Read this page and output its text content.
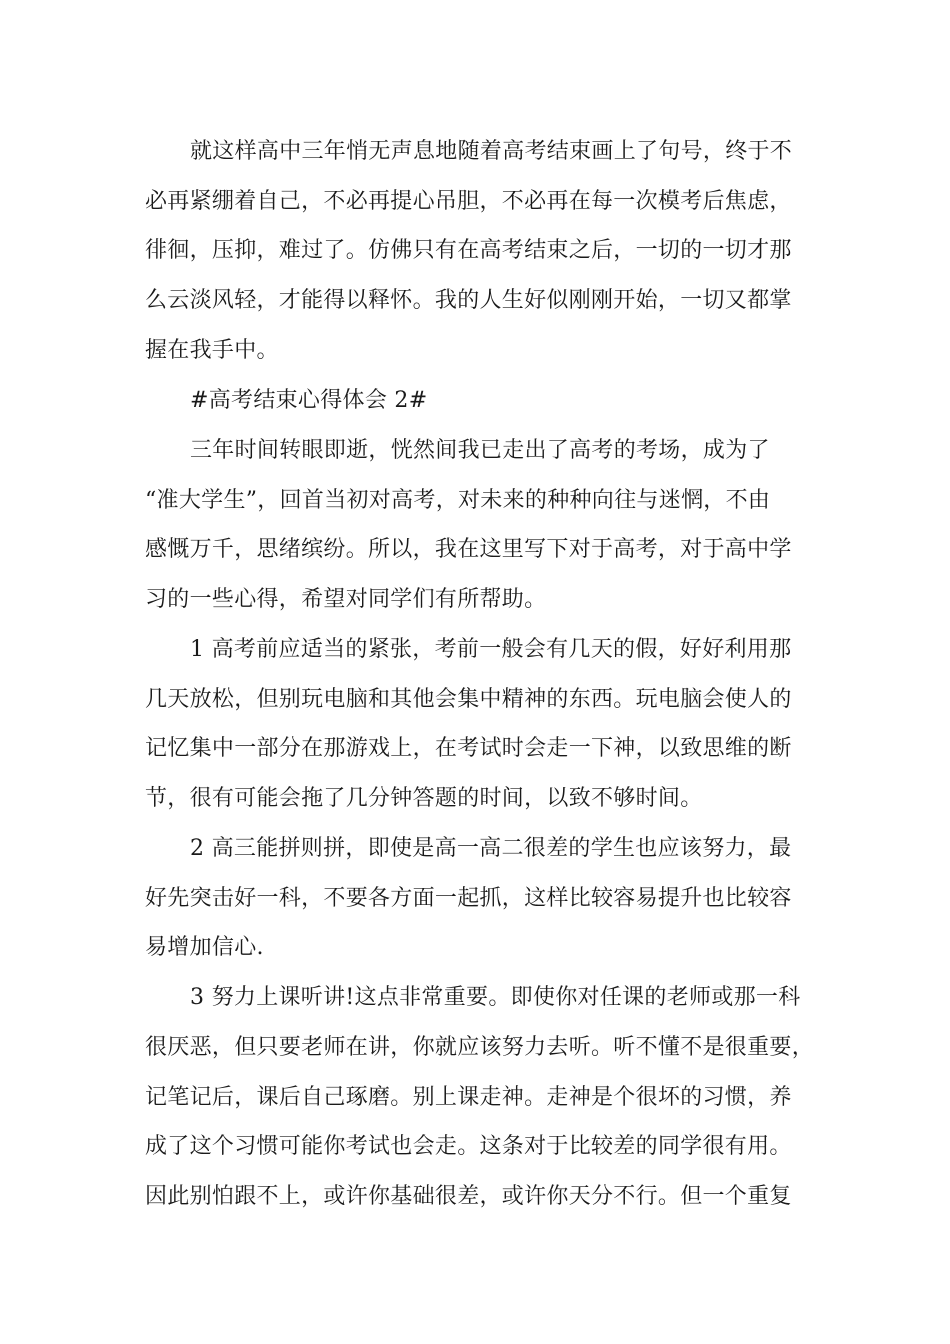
就这样高中三年悄无声息地随着高考结束画上了句号，终于不
必再紧绷着自己，不必再提心吊胆，不必再在每一次模考后焦虑，
徘徊，压抑，难过了。仿佛只有在高考结束之后，一切的一切才那
么云淡风轻，才能得以释怀。我的人生好似刚刚开始，一切又都掌
握在我手中。
#高考结束心得体会 2#
三年时间转眼即逝，恍然间我已走出了高考的考场，成为了
“准大学生”，回首当初对高考，对未来的种种向往与迷惘，不由
感慨万千，思绪缤纷。所以，我在这里写下对于高考，对于高中学
习的一些心得，希望对同学们有所帮助。
1 高考前应适当的紧张，考前一般会有几天的假，好好利用那
几天放松，但别玩电脑和其他会集中精神的东西。玩电脑会使人的
记忆集中一部分在那游戏上，在考试时会走一下神，以致思维的断
节，很有可能会拖了几分钟答题的时间，以致不够时间。
2 高三能拼则拼，即使是高一高二很差的学生也应该努力，最
好先突击好一科，不要各方面一起抓，这样比较容易提升也比较容
易增加信心.
3 努力上课听讲!这点非常重要。即使你对任课的老师或那一科
很厌恶，但只要老师在讲，你就应该努力去听。听不懂不是很重要，
记笔记后，课后自己琢磨。别上课走神。走神是个很坏的习惯，养
成了这个习惯可能你考试也会走。这条对于比较差的同学很有用。
因此别怕跟不上，或许你基础很差，或许你天分不行。但一个重复
